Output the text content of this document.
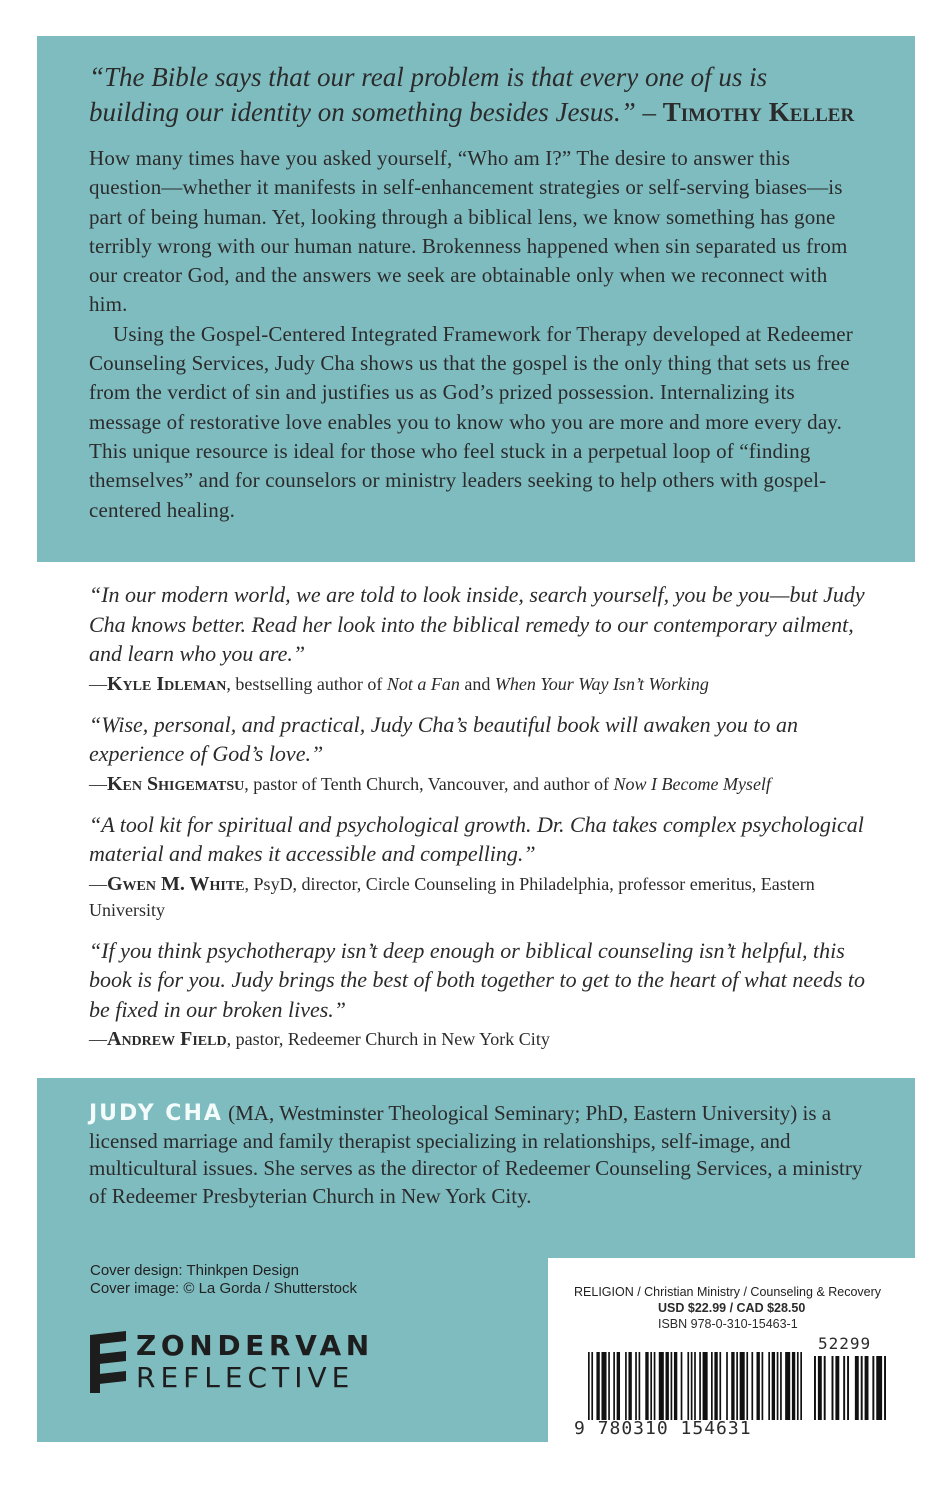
“The Bible says that our real problem is that every one of us is building our identity on something besides Jesus.” – Timothy Keller

How many times have you asked yourself, “Who am I?” The desire to answer this question—whether it manifests in self-enhancement strategies or self-serving biases—is part of being human. Yet, looking through a biblical lens, we know something has gone terribly wrong with our human nature. Brokenness happened when sin separated us from our creator God, and the answers we seek are obtainable only when we reconnect with him.

Using the Gospel-Centered Integrated Framework for Therapy developed at Redeemer Counseling Services, Judy Cha shows us that the gospel is the only thing that sets us free from the verdict of sin and justifies us as God’s prized possession. Internalizing its message of restorative love enables you to know who you are more and more every day. This unique resource is ideal for those who feel stuck in a perpetual loop of “finding themselves” and for counselors or ministry leaders seeking to help others with gospel-centered healing.

“In our modern world, we are told to look inside, search yourself, you be you—but Judy Cha knows better. Read her look into the biblical remedy to our contemporary ailment, and learn who you are.”

—Kyle Idleman, bestselling author of Not a Fan and When Your Way Isn’t Working

“Wise, personal, and practical, Judy Cha’s beautiful book will awaken you to an experience of God’s love.”

—Ken Shigematsu, pastor of Tenth Church, Vancouver, and author of Now I Become Myself

“A tool kit for spiritual and psychological growth. Dr. Cha takes complex psychological material and makes it accessible and compelling.”

—Gwen M. White, PsyD, director, Circle Counseling in Philadelphia, professor emeritus, Eastern University

“If you think psychotherapy isn’t deep enough or biblical counseling isn’t helpful, this book is for you. Judy brings the best of both together to get to the heart of what needs to be fixed in our broken lives.”

—Andrew Field, pastor, Redeemer Church in New York City

JUDY CHA (MA, Westminster Theological Seminary; PhD, Eastern University) is a licensed marriage and family therapist specializing in relationships, self-image, and multicultural issues. She serves as the director of Redeemer Counseling Services, a ministry of Redeemer Presbyterian Church in New York City.

Cover design: Thinkpen Design
Cover image: © La Gorda / Shutterstock
ZONDERVAN
REFLECTIVE
RELIGION / Christian Ministry / Counseling & Recovery
USD $22.99 / CAD $28.50
ISBN 978-0-310-15463-1
52299
9 780310 154631
